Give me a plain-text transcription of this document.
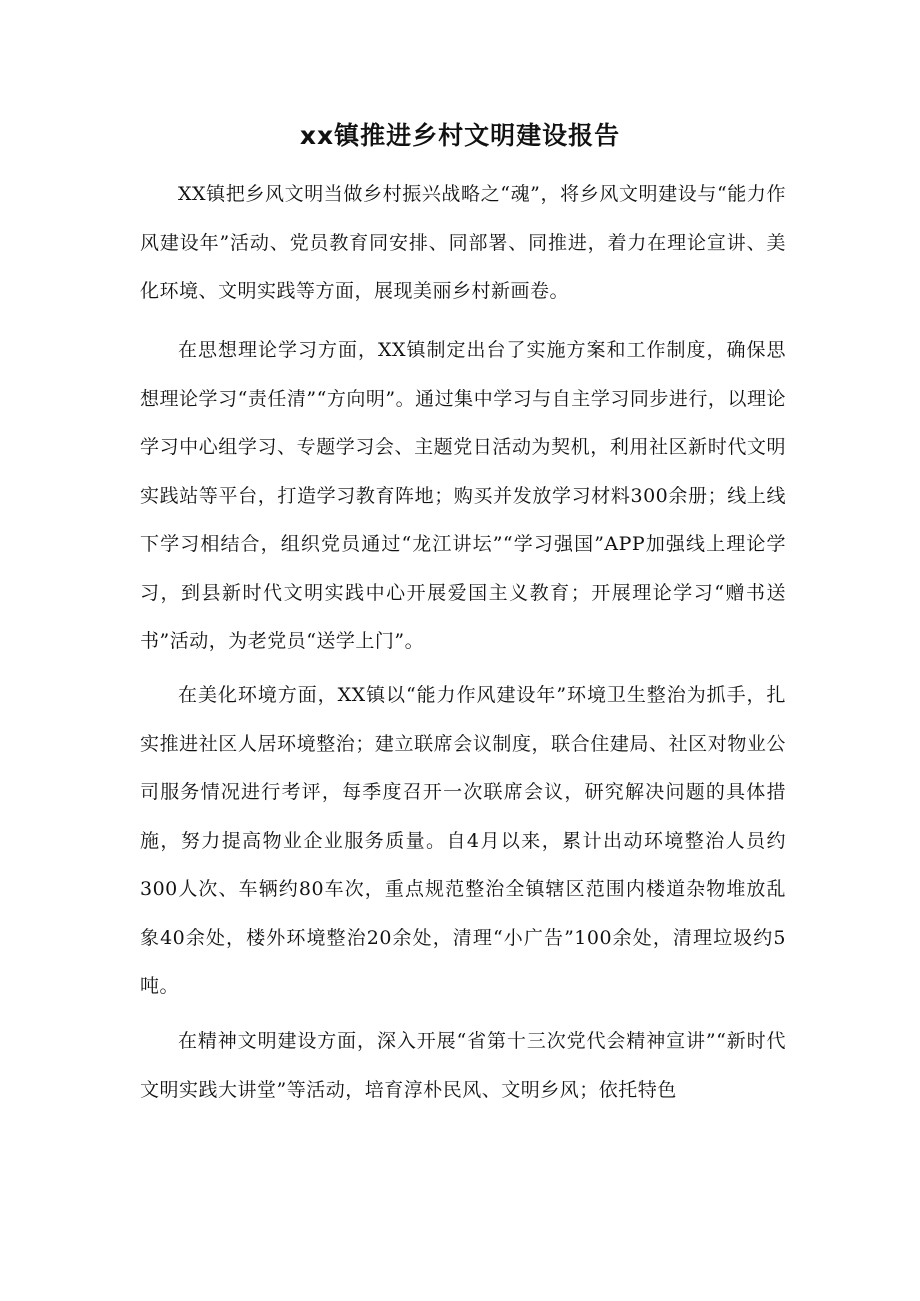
xx镇推进乡村文明建设报告

XX镇把乡风文明当做乡村振兴战略之“魂”，将乡风文明建设与“能力作风建设年”活动、党员教育同安排、同部署、同推进，着力在理论宣讲、美化环境、文明实践等方面，展现美丽乡村新画卷。

在思想理论学习方面，XX镇制定出台了实施方案和工作制度，确保思想理论学习“责任清”“方向明”。通过集中学习与自主学习同步进行，以理论学习中心组学习、专题学习会、主题党日活动为契机，利用社区新时代文明实践站等平台，打造学习教育阵地；购买并发放学习材料300余册；线上线下学习相结合，组织党员通过“龙江讲坛”“学习强国”APP加强线上理论学习，到县新时代文明实践中心开展爱国主义教育；开展理论学习“赠书送书”活动，为老党员“送学上门”。

在美化环境方面，XX镇以“能力作风建设年”环境卫生整治为抓手，扎实推进社区人居环境整治；建立联席会议制度，联合住建局、社区对物业公司服务情况进行考评，每季度召开一次联席会议，研究解决问题的具体措施，努力提高物业企业服务质量。自4月以来，累计出动环境整治人员约300人次、车辆约80车次，重点规范整治全镇辖区范围内楼道杂物堆放乱象40余处，楼外环境整治20余处，清理“小广告”100余处，清理垃圾约5吨。

在精神文明建设方面，深入开展“省第十三次党代会精神宣讲”“新时代文明实践大讲堂”等活动，培育淳朴民风、文明乡风；依托特色
